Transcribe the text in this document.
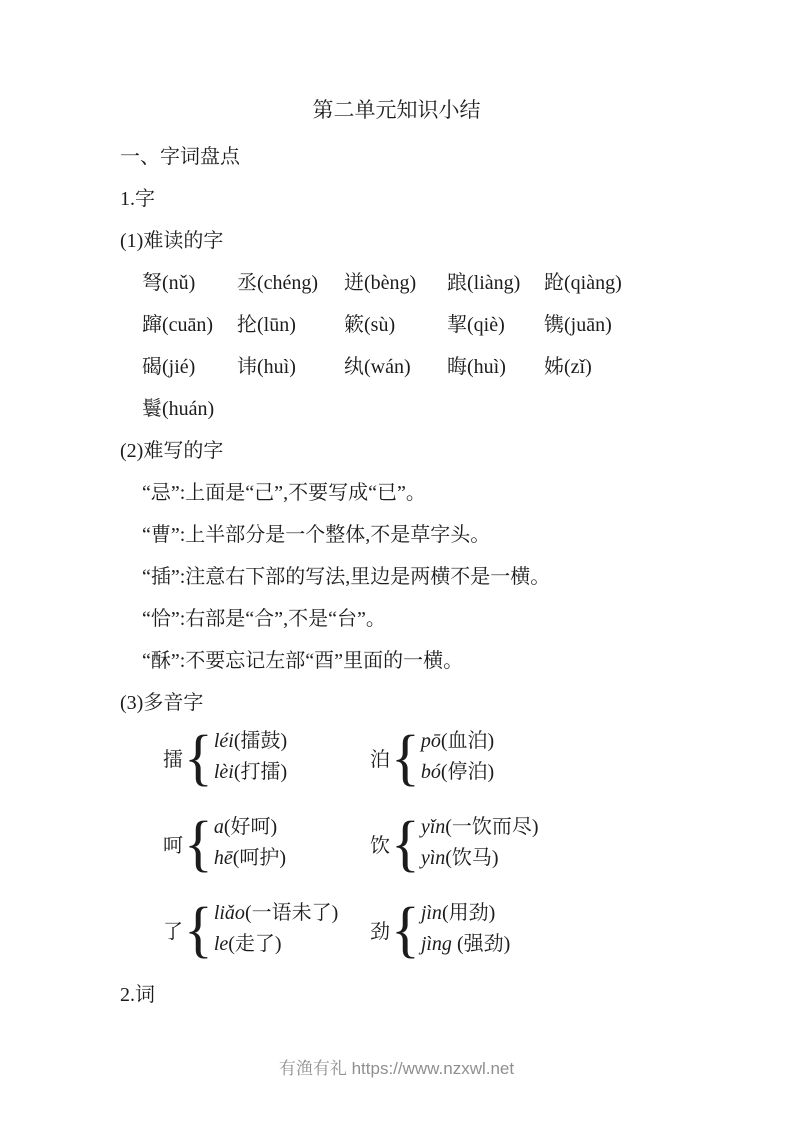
第二单元知识小结
一、字词盘点
1.字
(1)难读的字
弩(nǔ)	丞(chéng)	迸(bèng)	踉(liàng)	跄(qiàng)
蹿(cuān)	抡(lūn)	簌(sù)	挈(qiè)	镌(juān)
碣(jié)	讳(huì)	纨(wán)	晦(huì)	姊(zǐ)
鬟(huán)
(2)难写的字
“忌”:上面是“己”,不要写成“已”。
“曹”:上半部分是一个整体,不是草字头。
“插”:注意右下部的写法,里边是两横不是一横。
“恰”:右部是“合”,不是“台”。
“酥”:不要忘记左部“酉”里面的一横。
(3)多音字
擂
{
léi(擂鼓)
lèi(打擂)
泊
{
pō(血泊)
bó(停泊)
呵
{
a(好呵)
hē(呵护)
饮
{
yǐn(一饮而尽)
yìn(饮马)
了
{
liǎo(一语未了)
le(走了)
劲
{
jìn(用劲)
jìng (强劲)
2.词
有渔有礼 https://www.nzxwl.net
